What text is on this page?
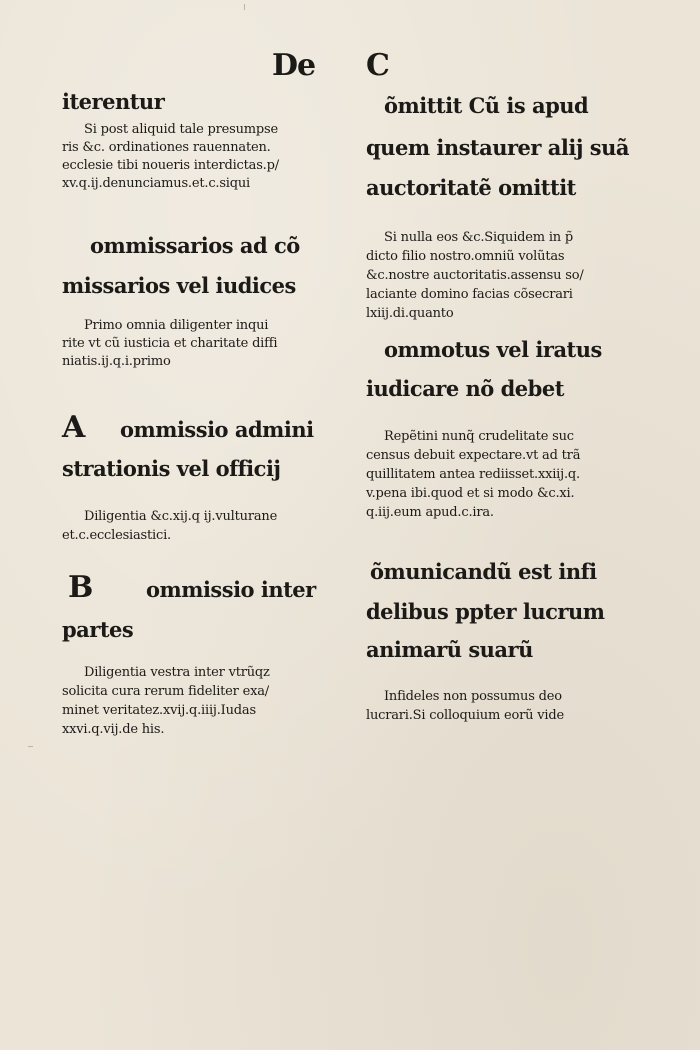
De C
iterentur
Si post aliquid tale presumpse
ris &c. ordinationes rauennaten.
ecclesie tibi noueris interdictas.p/
xv.q.ij.denunciamus.et.c.siqui
ommissarios ad cõ
missarios vel iudices
Primo omnia diligenter inqui
rite vt cũ iusticia et charitate diffi
niatis.ij.q.i.primo
A ommissio admini
strationis vel officij
Diligentia &c.xij.q ij.vulturane
et.c.ecclesiastici.
B	ommissio inter
partes
Diligentia vestra inter vtrũqz
solicita cura rerum fideliter exa/
minet veritatez.xvij.q.iiij.Iudas
xxvi.q.vij.de his.
õmittit Cũ is apud
quem instaurer alij suã
auctoritatẽ omittit
Si nulla eos &c.Siquidem in p̃
dicto filio nostro.omniũ volũtas
&c.nostre auctoritatis.assensu so/
laciante domino facias cõsecrari
lxiij.di.quanto
ommotus vel iratus
iudicare nõ debet
Repẽtini nunq̃ crudelitate suc
census debuit expectare.vt ad trã
quillitatem antea rediisset.xxiij.q.
v.pena ibi.quod et si modo &c.xi.
q.iij.eum apud.c.ira.
õmunicandũ est infi
delibus ppter lucrum
animarũ suarũ
Infideles non possumus deo
lucrari.Si colloquium eorũ vide
